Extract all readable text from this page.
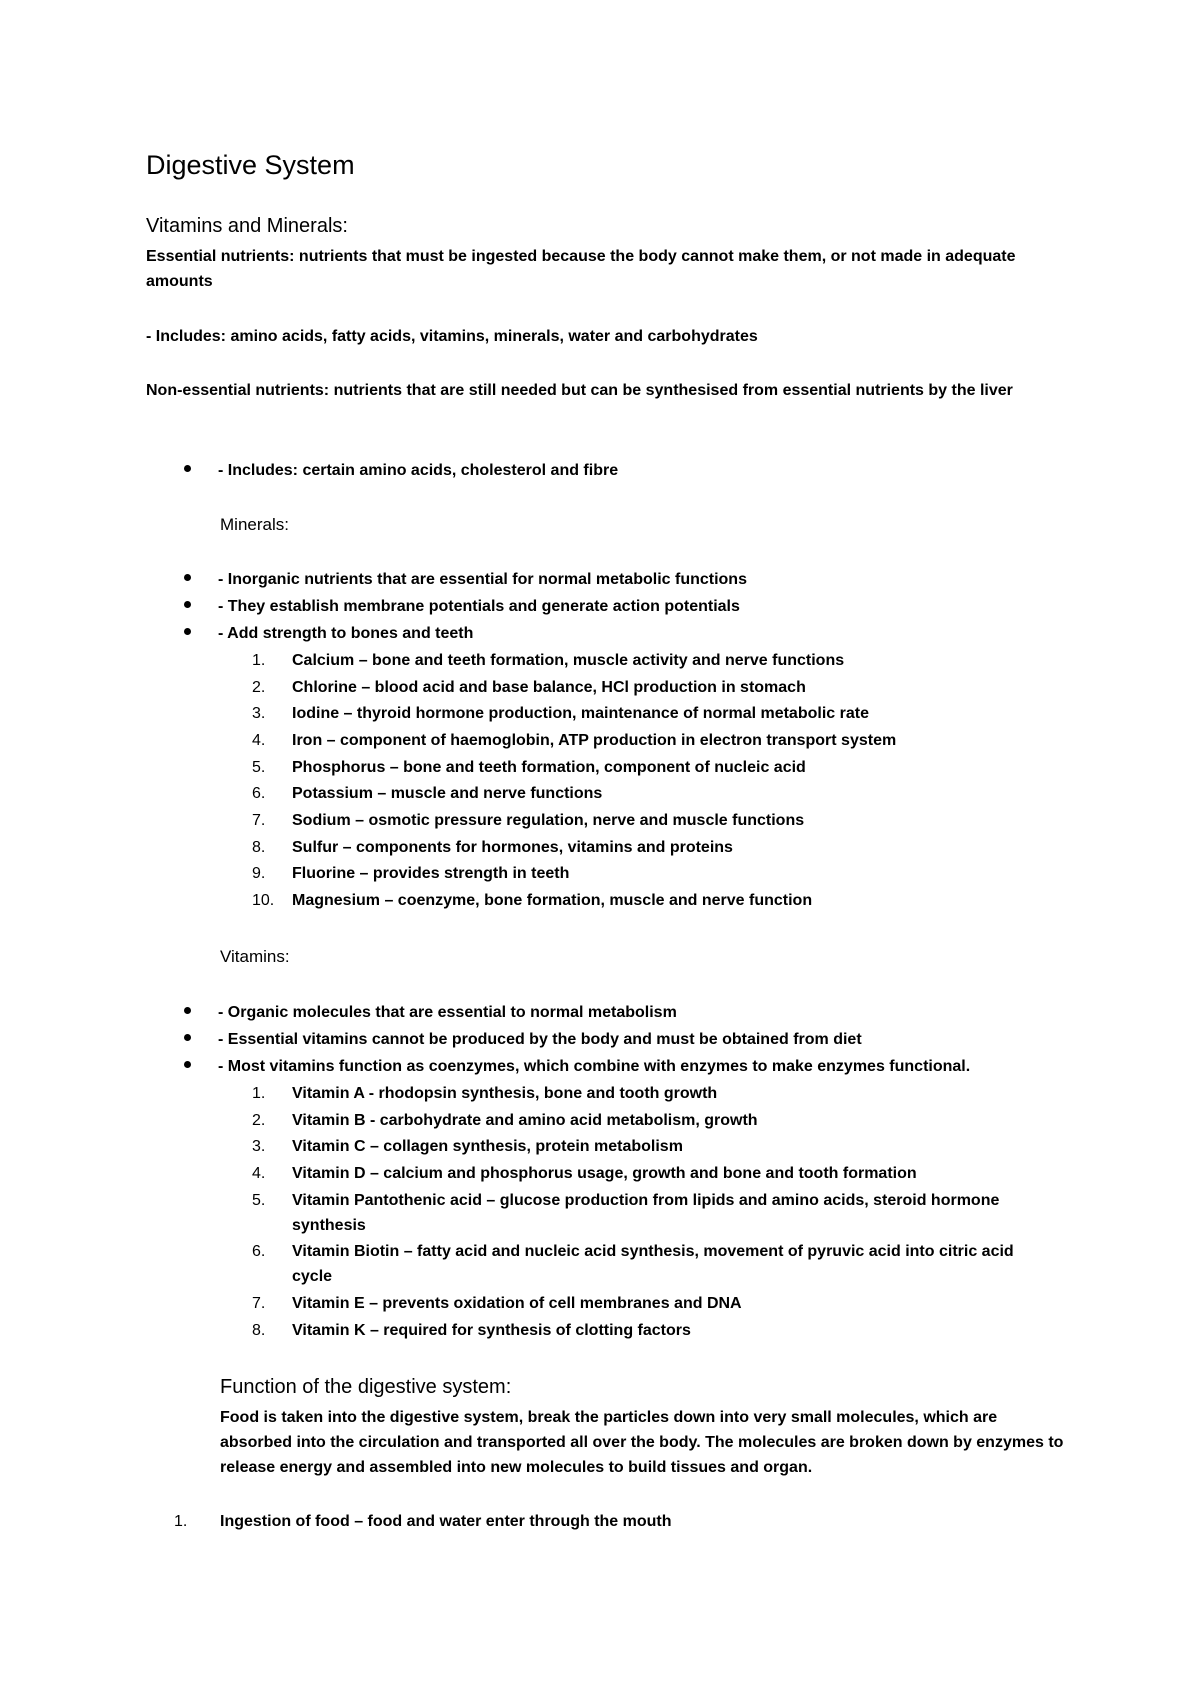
Digestive System
Vitamins and Minerals:

Essential nutrients: nutrients that must be ingested because the body cannot make them, or not made in adequate amounts

- Includes: amino acids, fatty acids, vitamins, minerals, water and carbohydrates

Non-essential nutrients: nutrients that are still needed but can be synthesised from essential nutrients by the liver

- Includes: certain amino acids, cholesterol and fibre
Minerals:
- Inorganic nutrients that are essential for normal metabolic functions
- They establish membrane potentials and generate action potentials
- Add strength to bones and teeth
1. Calcium – bone and teeth formation, muscle activity and nerve functions
2. Chlorine – blood acid and base balance, HCl production in stomach
3. Iodine – thyroid hormone production, maintenance of normal metabolic rate
4. Iron – component of haemoglobin, ATP production in electron transport system
5. Phosphorus – bone and teeth formation, component of nucleic acid
6. Potassium – muscle and nerve functions
7. Sodium – osmotic pressure regulation, nerve and muscle functions
8. Sulfur – components for hormones, vitamins and proteins
9. Fluorine – provides strength in teeth
10. Magnesium – coenzyme, bone formation, muscle and nerve function
Vitamins:
- Organic molecules that are essential to normal metabolism
- Essential vitamins cannot be produced by the body and must be obtained from diet
- Most vitamins function as coenzymes, which combine with enzymes to make enzymes functional.
1. Vitamin A - rhodopsin synthesis, bone and tooth growth
2. Vitamin B - carbohydrate and amino acid metabolism, growth
3. Vitamin C – collagen synthesis, protein metabolism
4. Vitamin D – calcium and phosphorus usage, growth and bone and tooth formation
5. Vitamin Pantothenic acid – glucose production from lipids and amino acids, steroid hormone synthesis
6. Vitamin Biotin – fatty acid and nucleic acid synthesis, movement of pyruvic acid into citric acid cycle
7. Vitamin E – prevents oxidation of cell membranes and DNA
8. Vitamin K – required for synthesis of clotting factors
Function of the digestive system:

Food is taken into the digestive system, break the particles down into very small molecules, which are absorbed into the circulation and transported all over the body. The molecules are broken down by enzymes to release energy and assembled into new molecules to build tissues and organ.

1. Ingestion of food – food and water enter through the mouth
